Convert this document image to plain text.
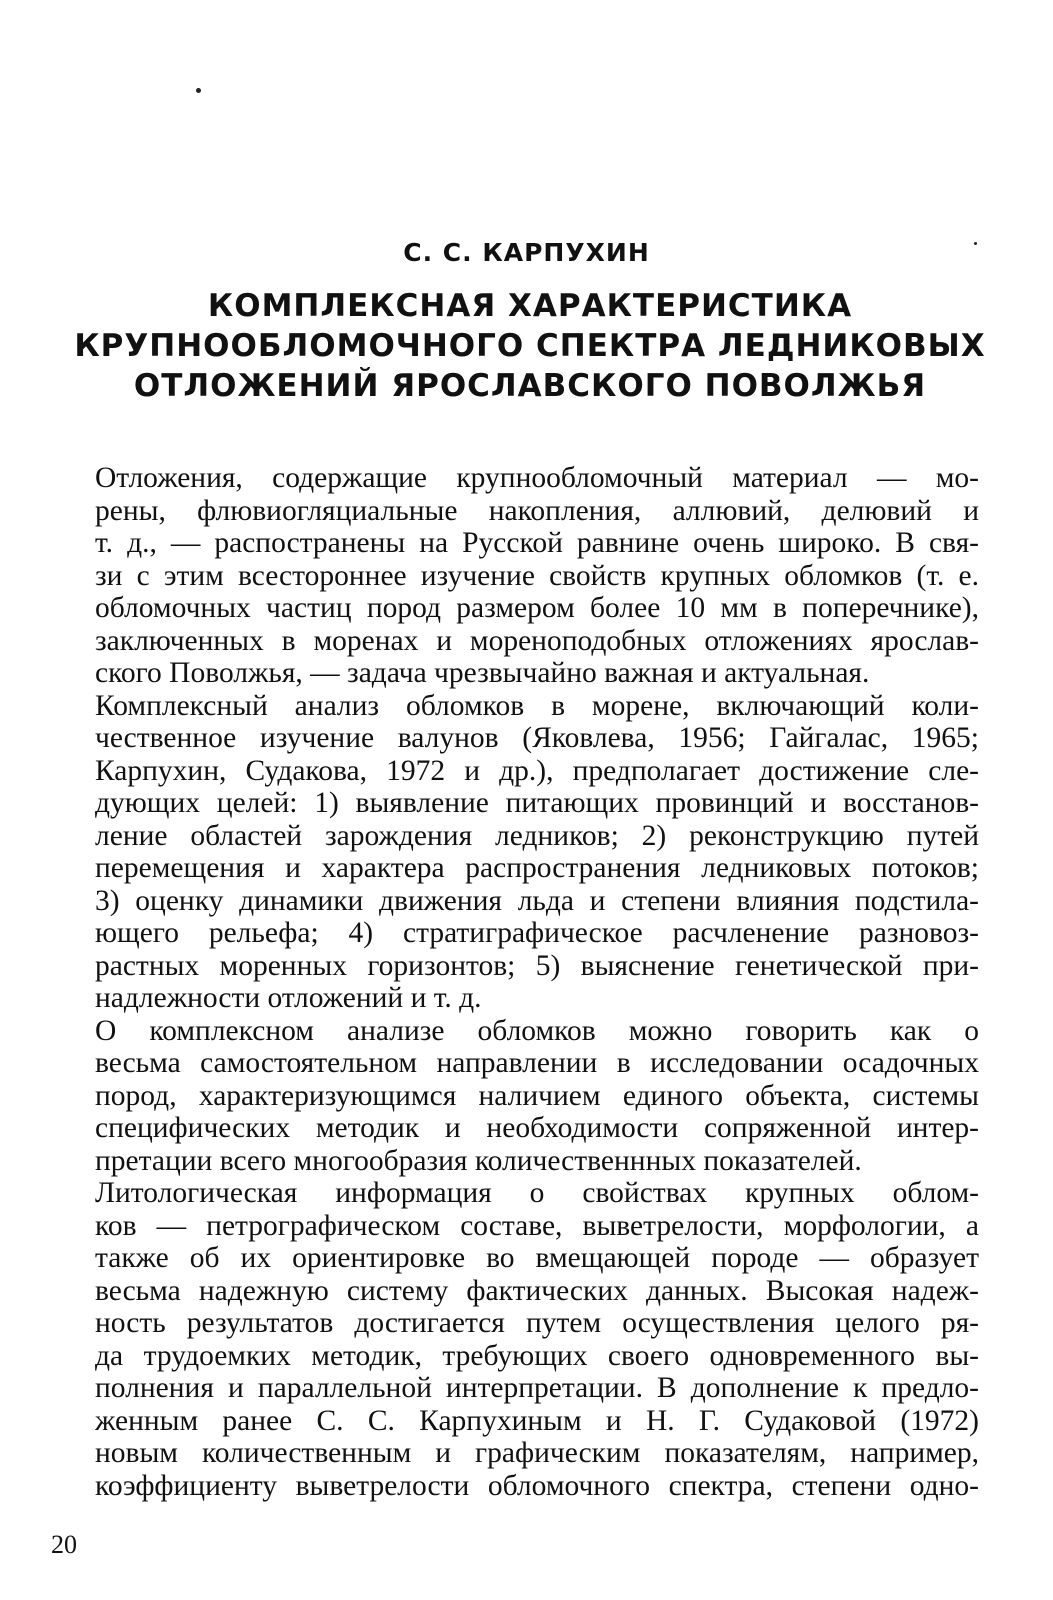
С. С. КАРПУХИН
КОМПЛЕКСНАЯ ХАРАКТЕРИСТИКА
КРУПНООБЛОМОЧНОГО СПЕКТРА ЛЕДНИКОВЫХ
ОТЛОЖЕНИЙ ЯРОСЛАВСКОГО ПОВОЛЖЬЯ

Отложения, содержащие крупнообломочный материал — мо-
рены, флювиогляциальные накопления, аллювий, делювий и
т. д., — распостранены на Русской равнине очень широко. В свя-
зи с этим всестороннее изучение свойств крупных обломков (т. е.
обломочных частиц пород размером более 10 мм в поперечнике),
заключенных в моренах и мореноподобных отложениях ярослав-
ского Поволжья, — задача чрезвычайно важная и актуальная.

Комплексный анализ обломков в морене, включающий коли-
чественное изучение валунов (Яковлева, 1956; Гайгалас, 1965;
Карпухин, Судакова, 1972 и др.), предполагает достижение сле-
дующих целей: 1) выявление питающих провинций и восстанов-
ление областей зарождения ледников; 2) реконструкцию путей
перемещения и характера распространения ледниковых потоков;
3) оценку динамики движения льда и степени влияния подстила-
ющего рельефа; 4) стратиграфическое расчленение разновоз-
растных моренных горизонтов; 5) выяснение генетической при-
надлежности отложений и т. д.

О комплексном анализе обломков можно говорить как о
весьма самостоятельном направлении в исследовании осадочных
пород, характеризующимся наличием единого объекта, системы
специфических методик и необходимости сопряженной интер-
претации всего многообразия количественнных показателей.

Литологическая информация о свойствах крупных облом-
ков — петрографическом составе, выветрелости, морфологии, а
также об их ориентировке во вмещающей породе — образует
весьма надежную систему фактических данных. Высокая надеж-
ность результатов достигается путем осуществления целого ря-
да трудоемких методик, требующих своего одновременного вы-
полнения и параллельной интерпретации. В дополнение к предло-
женным ранее С. С. Карпухиным и Н. Г. Судаковой (1972)
новым количественным и графическим показателям, например,
коэффициенту выветрелости обломочного спектра, степени одно-

20
